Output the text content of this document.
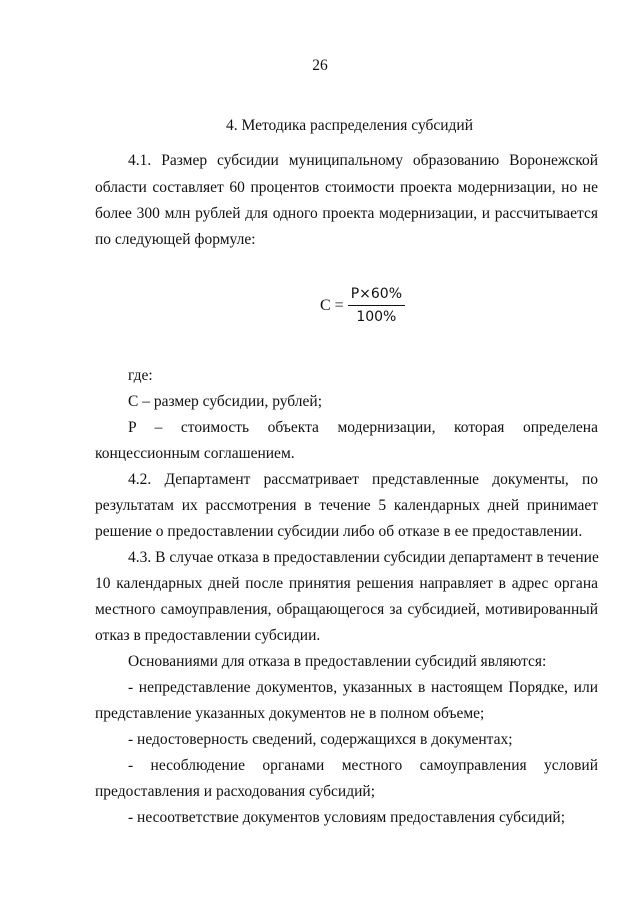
26
4. Методика распределения субсидий
4.1. Размер субсидии муниципальному образованию Воронежской
области составляет 60 процентов стоимости проекта модернизации, но не
более 300 млн рублей для одного проекта модернизации, и рассчитывается
по следующей формуле:
$C = \frac{P\times 60\%}{100\%}$
где:
C – размер субсидии, рублей;
P – стоимость объекта модернизации, которая определена
концессионным соглашением.
4.2. Департамент рассматривает представленные документы, по
результатам их рассмотрения в течение 5 календарных дней принимает
решение о предоставлении субсидии либо об отказе в ее предоставлении.
4.3. В случае отказа в предоставлении субсидии департамент в течение
10 календарных дней после принятия решения направляет в адрес органа
местного самоуправления, обращающегося за субсидией, мотивированный
отказ в предоставлении субсидии.
Основаниями для отказа в предоставлении субсидий являются:
- непредставление документов, указанных в настоящем Порядке, или
представление указанных документов не в полном объеме;
- недостоверность сведений, содержащихся в документах;
- несоблюдение органами местного самоуправления условий
предоставления и расходования субсидий;
- несоответствие документов условиям предоставления субсидий;
